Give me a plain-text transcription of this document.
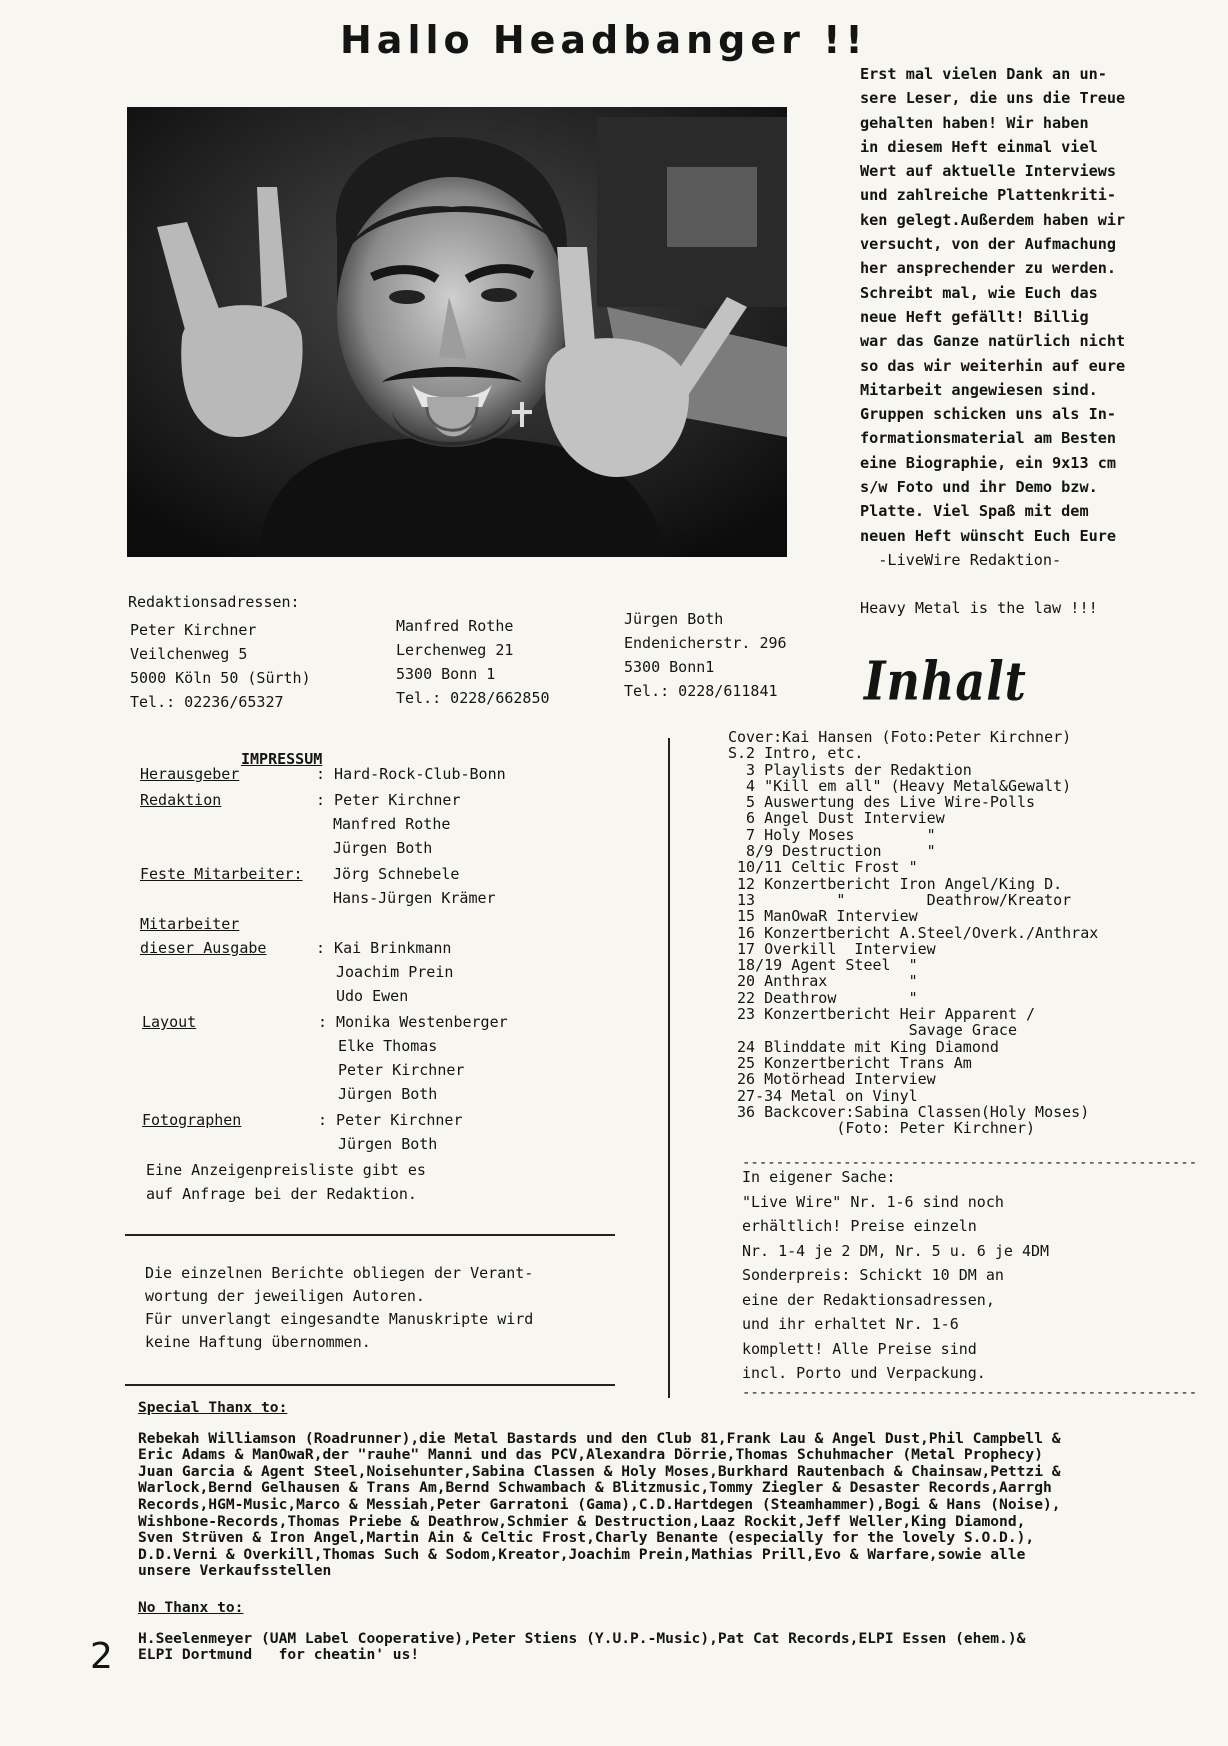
Hallo Headbanger !!
Erst mal vielen Dank an un-
sere Leser, die uns die Treue
gehalten haben! Wir haben
in diesem Heft einmal viel
Wert auf aktuelle Interviews
und zahlreiche Plattenkriti-
ken gelegt.Außerdem haben wir
versucht, von der Aufmachung
her ansprechender zu werden.
Schreibt mal, wie Euch das
neue Heft gefällt! Billig
war das Ganze natürlich nicht
so das wir weiterhin auf eure
Mitarbeit angewiesen sind.
Gruppen schicken uns als In-
formationsmaterial am Besten
eine Biographie, ein 9x13 cm
s/w Foto und ihr Demo bzw.
Platte. Viel Spaß mit dem
neuen Heft wünscht Euch Eure
-LiveWire Redaktion-
Heavy Metal is the law !!!
Redaktionsadressen:
Peter Kirchner
Veilchenweg 5
5000 Köln 50 (Sürth)
Tel.: 02236/65327
Manfred Rothe
Lerchenweg 21
5300 Bonn 1
Tel.: 0228/662850
Jürgen Both
Endenicherstr. 296
5300 Bonn1
Tel.: 0228/611841 Inhalt
IMPRESSUM
Herausgeber	: Hard-Rock-Club-Bonn
Redaktion	: Peter Kirchner
Manfred Rothe
Jürgen Both
Feste Mitarbeiter: Jörg Schnebele
Hans-Jürgen Krämer
Mitarbeiter
dieser Ausgabe	: Kai Brinkmann
Joachim Prein
Udo Ewen
Layout	: Monika Westenberger
Elke Thomas
Peter Kirchner
Jürgen Both
Fotographen	: Peter Kirchner
Jürgen Both
Eine Anzeigenpreisliste gibt es
auf Anfrage bei der Redaktion.
Cover:Kai Hansen (Foto:Peter Kirchner)
S.2 Intro, etc.
3 Playlists der Redaktion
4 "Kill em all" (Heavy Metal&Gewalt)
5 Auswertung des Live Wire-Polls
6 Angel Dust Interview
7 Holy Moses        "
8/9 Destruction     "
10/11 Celtic Frost "
12 Konzertbericht Iron Angel/King D.
13         "         Deathrow/Kreator
15 ManOwaR Interview
16 Konzertbericht A.Steel/Overk./Anthrax
17 Overkill  Interview
18/19 Agent Steel  "
20 Anthrax         "
22 Deathrow        "
23 Konzertbericht Heir Apparent /
Savage Grace
24 Blinddate mit King Diamond
25 Konzertbericht Trans Am
26 Motörhead Interview
27-34 Metal on Vinyl
36 Backcover:Sabina Classen(Holy Moses)
(Foto: Peter Kirchner)
------------------------------------------------------
In eigener Sache:
"Live Wire" Nr. 1-6 sind noch
erhältlich! Preise einzeln
Nr. 1-4 je 2 DM, Nr. 5 u. 6 je 4DM
Sonderpreis: Schickt 10 DM an
eine der Redaktionsadressen,
und ihr erhaltet Nr. 1-6
komplett! Alle Preise sind
incl. Porto und Verpackung.
------------------------------------------------------
Die einzelnen Berichte obliegen der Verant-
wortung der jeweiligen Autoren.
Für unverlangt eingesandte Manuskripte wird
keine Haftung übernommen.
Special Thanx to:
Rebekah Williamson (Roadrunner),die Metal Bastards und den Club 81,Frank Lau & Angel Dust,Phil Campbell &
Eric Adams & ManOwaR,der "rauhe" Manni und das PCV,Alexandra Dörrie,Thomas Schuhmacher (Metal Prophecy)
Juan Garcia & Agent Steel,Noisehunter,Sabina Classen & Holy Moses,Burkhard Rautenbach & Chainsaw,Pettzi &
Warlock,Bernd Gelhausen & Trans Am,Bernd Schwambach & Blitzmusic,Tommy Ziegler & Desaster Records,Aarrgh
Records,HGM-Music,Marco & Messiah,Peter Garratoni (Gama),C.D.Hartdegen (Steamhammer),Bogi & Hans (Noise),
Wishbone-Records,Thomas Priebe & Deathrow,Schmier & Destruction,Laaz Rockit,Jeff Weller,King Diamond,
Sven Strüven & Iron Angel,Martin Ain & Celtic Frost,Charly Benante (especially for the lovely S.O.D.),
D.D.Verni & Overkill,Thomas Such & Sodom,Kreator,Joachim Prein,Mathias Prill,Evo & Warfare,sowie alle
unsere Verkaufsstellen
No Thanx to:
H.Seelenmeyer (UAM Label Cooperative),Peter Stiens (Y.U.P.-Music),Pat Cat Records,ELPI Essen (ehem.)&
ELPI Dortmund   for cheatin' us!
2
